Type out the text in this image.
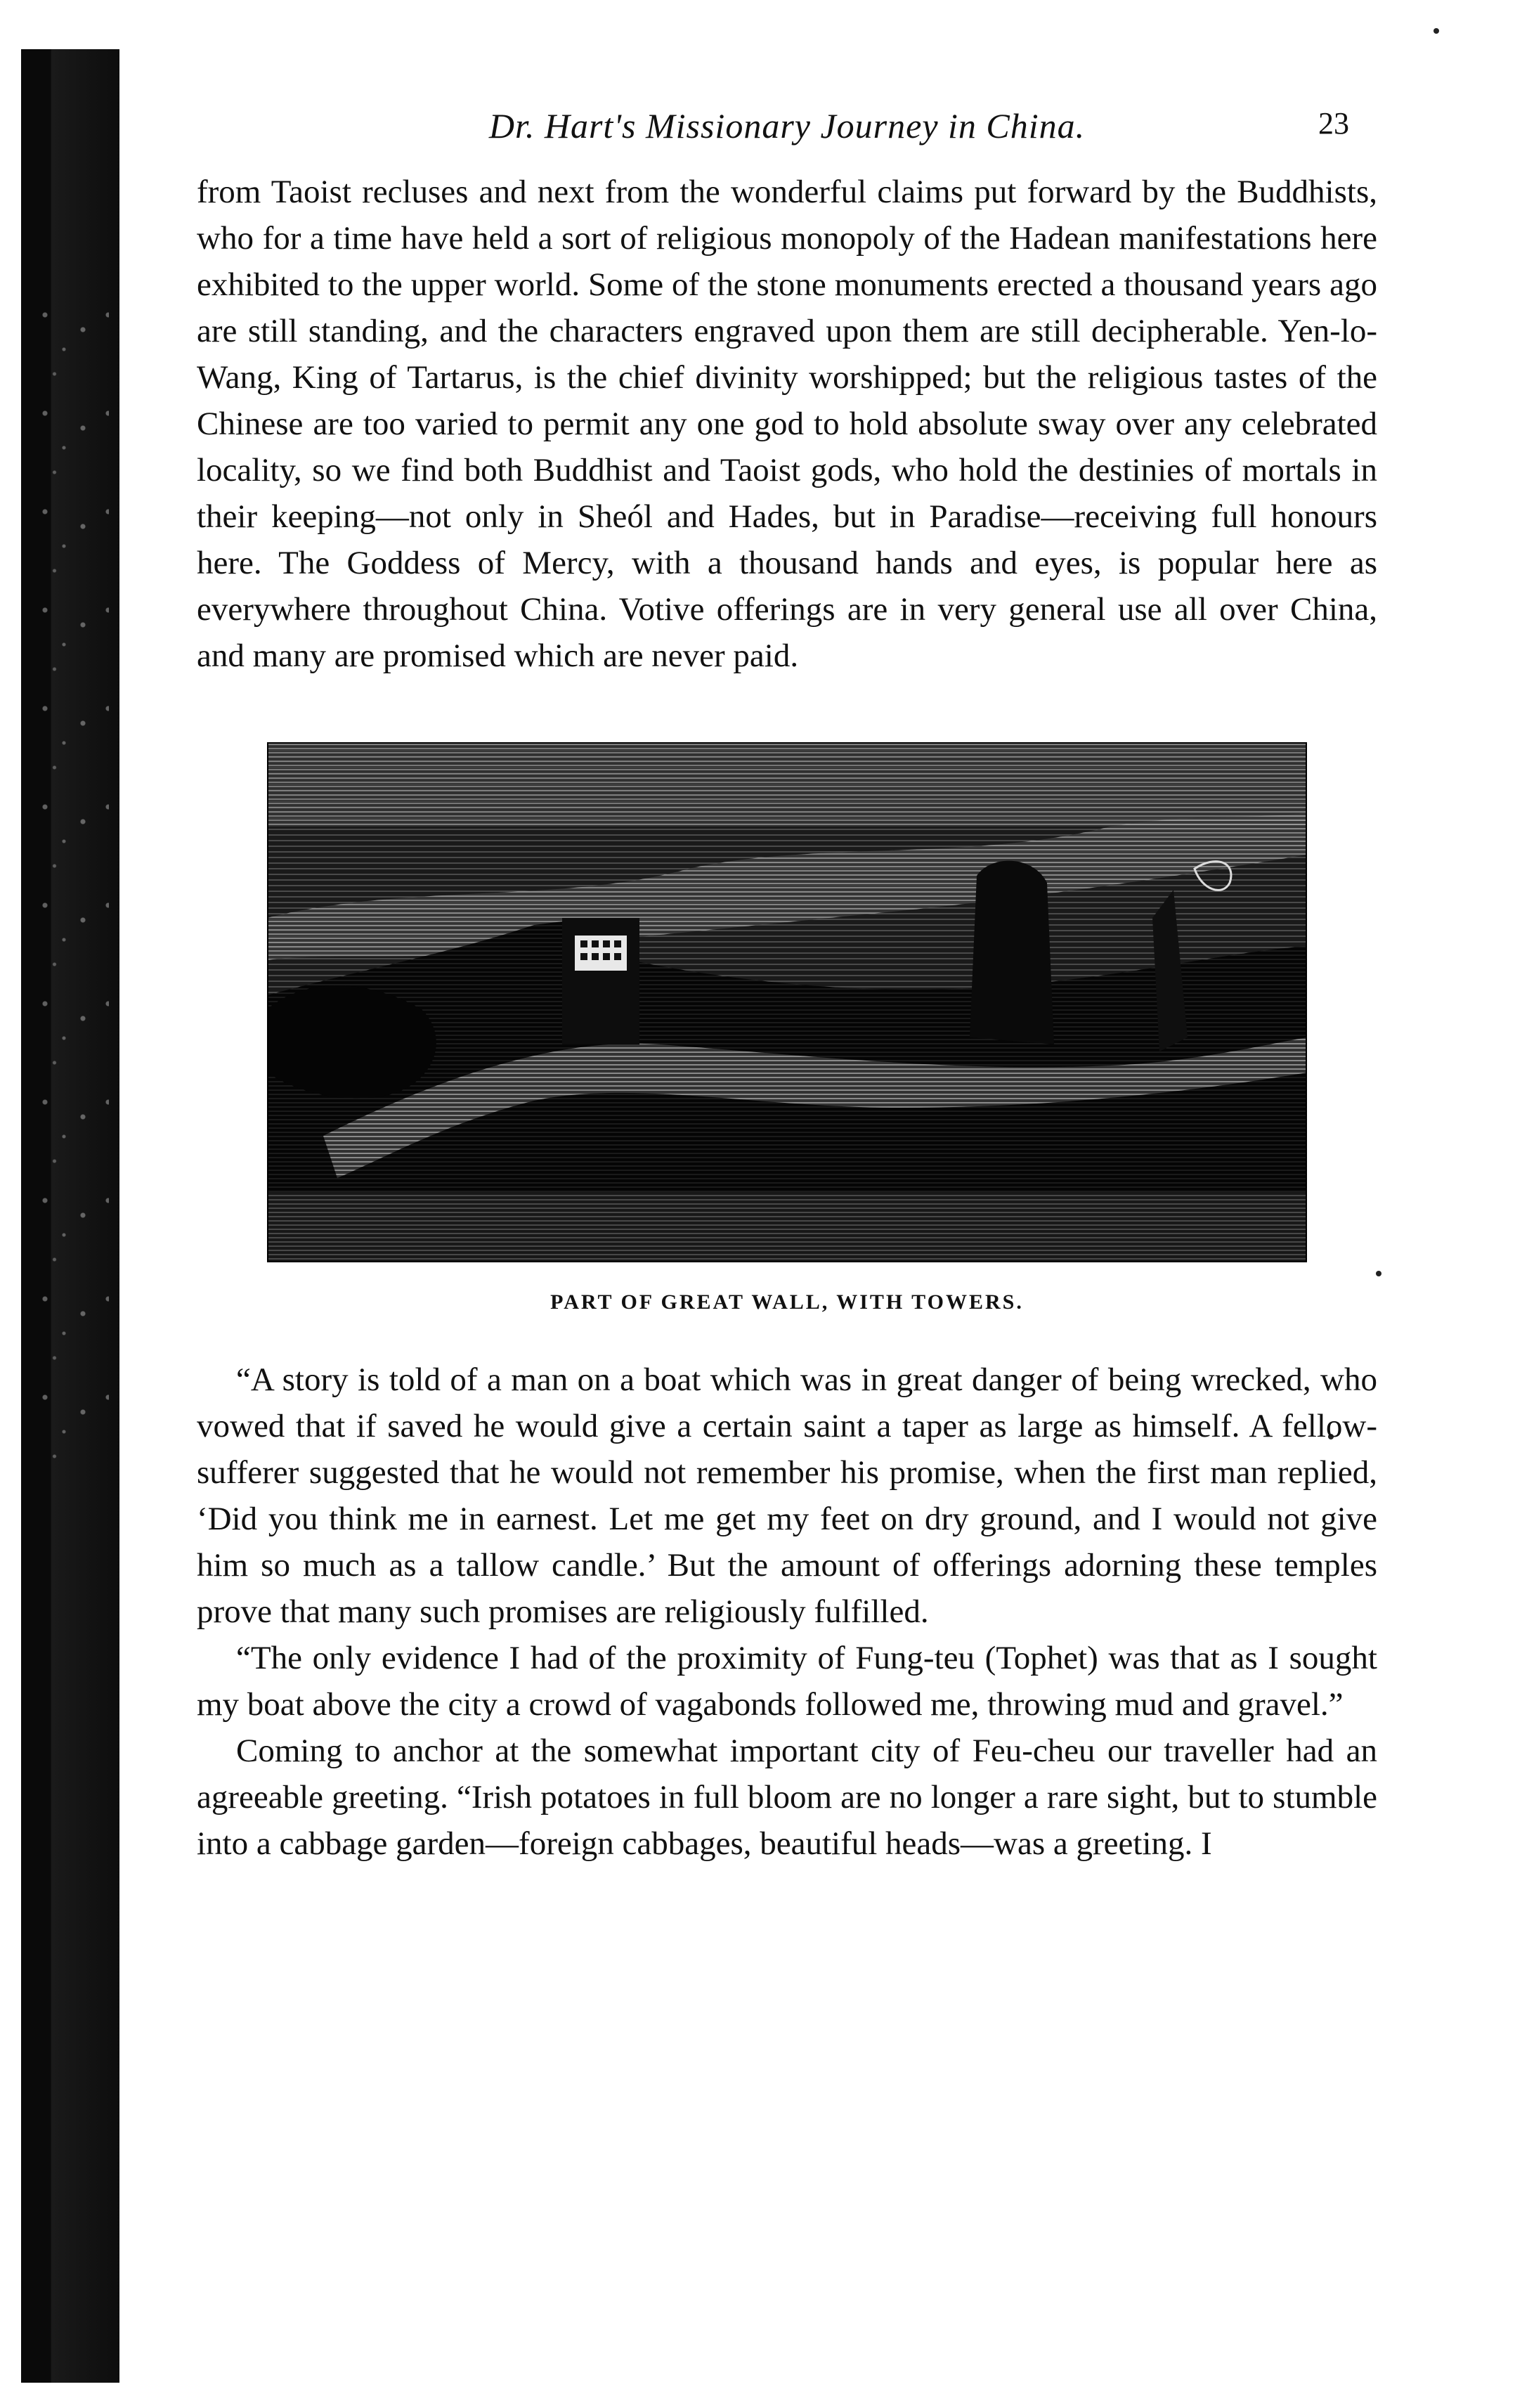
Dr. Hart's Missionary Journey in China.	23

from Taoist recluses and next from the wonderful claims put forward by the Buddhists, who for a time have held a sort of religious monopoly of the Hadean manifestations here exhibited to the upper world. Some of the stone monuments erected a thousand years ago are still standing, and the characters engraved upon them are still decipherable. Yen-lo-Wang, King of Tartarus, is the chief divinity worshipped; but the religious tastes of the Chinese are too varied to permit any one god to hold absolute sway over any celebrated locality, so we find both Buddhist and Taoist gods, who hold the destinies of mortals in their keeping—not only in Sheól and Hades, but in Paradise—receiving full honours here. The Goddess of Mercy, with a thousand hands and eyes, is popular here as everywhere throughout China. Votive offerings are in very general use all over China, and many are promised which are never paid.

PART OF GREAT WALL, WITH TOWERS.

“A story is told of a man on a boat which was in great danger of being wrecked, who vowed that if saved he would give a certain saint a taper as large as himself. A fellow-sufferer suggested that he would not remember his promise, when the first man replied, ‘Did you think me in earnest. Let me get my feet on dry ground, and I would not give him so much as a tallow candle.’ But the amount of offerings adorning these temples prove that many such promises are religiously fulfilled.

“The only evidence I had of the proximity of Fung-teu (Tophet) was that as I sought my boat above the city a crowd of vagabonds followed me, throwing mud and gravel.”

Coming to anchor at the somewhat important city of Feu-cheu our traveller had an agreeable greeting. “Irish potatoes in full bloom are no longer a rare sight, but to stumble into a cabbage garden—foreign cabbages, beautiful heads—was a greeting. I
